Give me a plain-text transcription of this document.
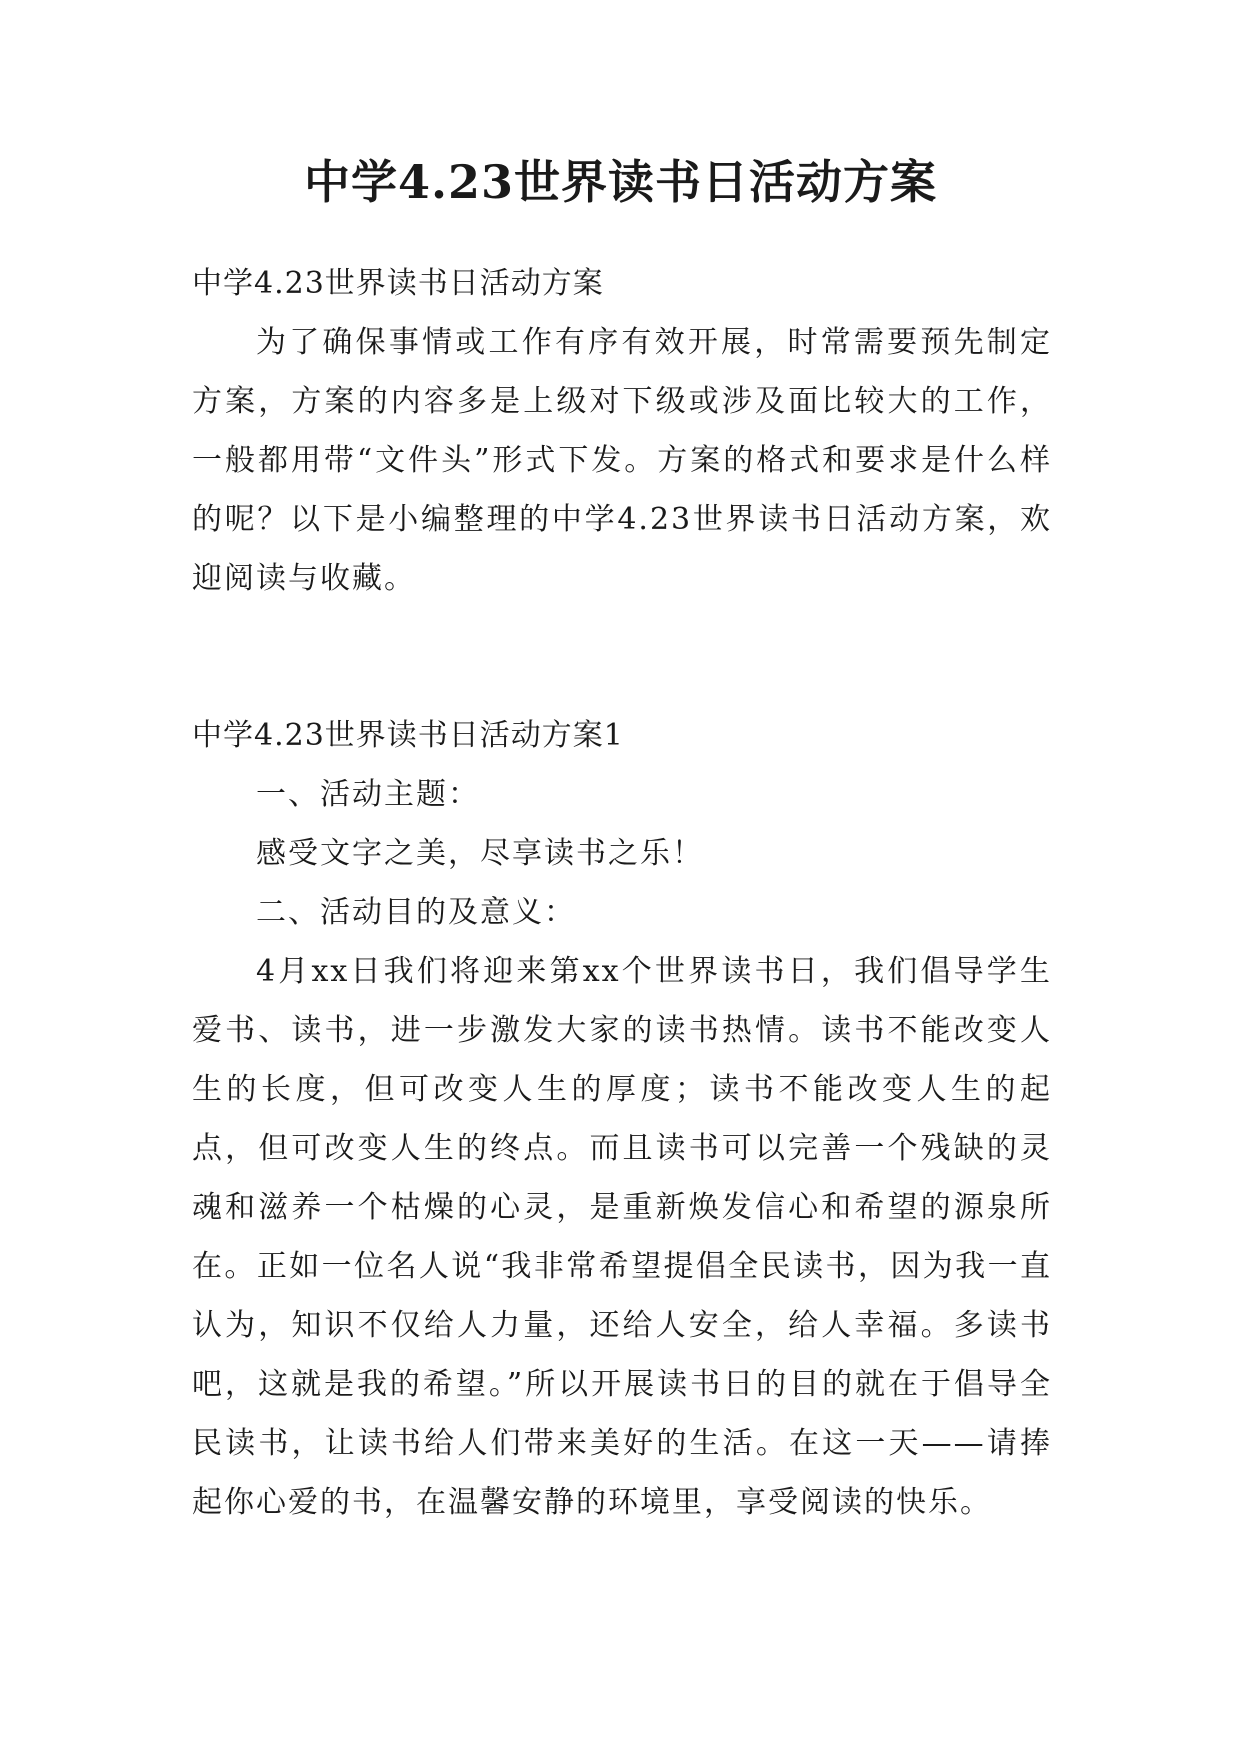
中学4.23世界读书日活动方案

中学4.23世界读书日活动方案

为了确保事情或工作有序有效开展，时常需要预先制定方案，方案的内容多是上级对下级或涉及面比较大的工作，一般都用带“文件头”形式下发。方案的格式和要求是什么样的呢？以下是小编整理的中学4.23世界读书日活动方案，欢迎阅读与收藏。

中学4.23世界读书日活动方案1

一、活动主题：

感受文字之美，尽享读书之乐！

二、活动目的及意义：

4月xx日我们将迎来第xx个世界读书日，我们倡导学生爱书、读书，进一步激发大家的读书热情。读书不能改变人生的长度，但可改变人生的厚度；读书不能改变人生的起点，但可改变人生的终点。而且读书可以完善一个残缺的灵魂和滋养一个枯燥的心灵，是重新焕发信心和希望的源泉所在。正如一位名人说“我非常希望提倡全民读书，因为我一直认为，知识不仅给人力量，还给人安全，给人幸福。多读书吧，这就是我的希望。”所以开展读书日的目的就在于倡导全民读书，让读书给人们带来美好的生活。在这一天——请捧起你心爱的书，在温馨安静的环境里，享受阅读的快乐。
